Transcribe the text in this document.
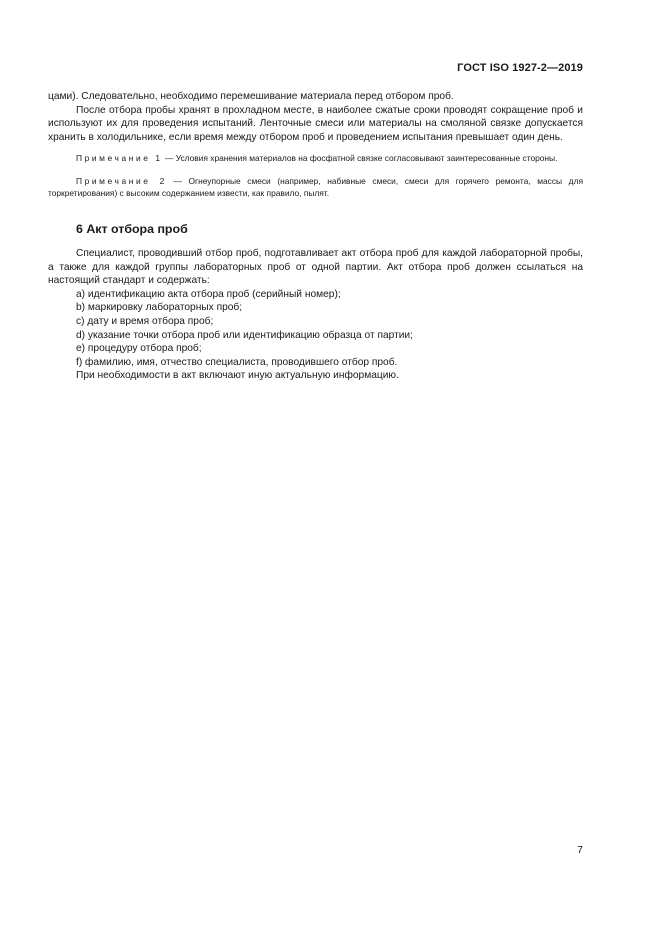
ГОСТ ISO 1927-2—2019

цами). Следовательно, необходимо перемешивание материала перед отбором проб.

После отбора пробы хранят в прохладном месте, в наиболее сжатые сроки проводят сокращение проб и используют их для проведения испытаний. Ленточные смеси или материалы на смоляной связке допускается хранить в холодильнике, если время между отбором проб и проведением испытания превышает один день.

Примечание 1 — Условия хранения материалов на фосфатной связке согласовывают заинтересованные стороны.

Примечание 2 — Огнеупорные смеси (например, набивные смеси, смеси для горячего ремонта, массы для торкретирования) с высоким содержанием извести, как правило, пылят.

6 Акт отбора проб

Специалист, проводивший отбор проб, подготавливает акт отбора проб для каждой лабораторной пробы, а также для каждой группы лабораторных проб от одной партии. Акт отбора проб должен ссылаться на настоящий стандарт и содержать:

a) идентификацию акта отбора проб (серийный номер);
b) маркировку лабораторных проб;
c) дату и время отбора проб;
d) указание точки отбора проб или идентификацию образца от партии;
e) процедуру отбора проб;
f) фамилию, имя, отчество специалиста, проводившего отбор проб.

При необходимости в акт включают иную актуальную информацию.

7
